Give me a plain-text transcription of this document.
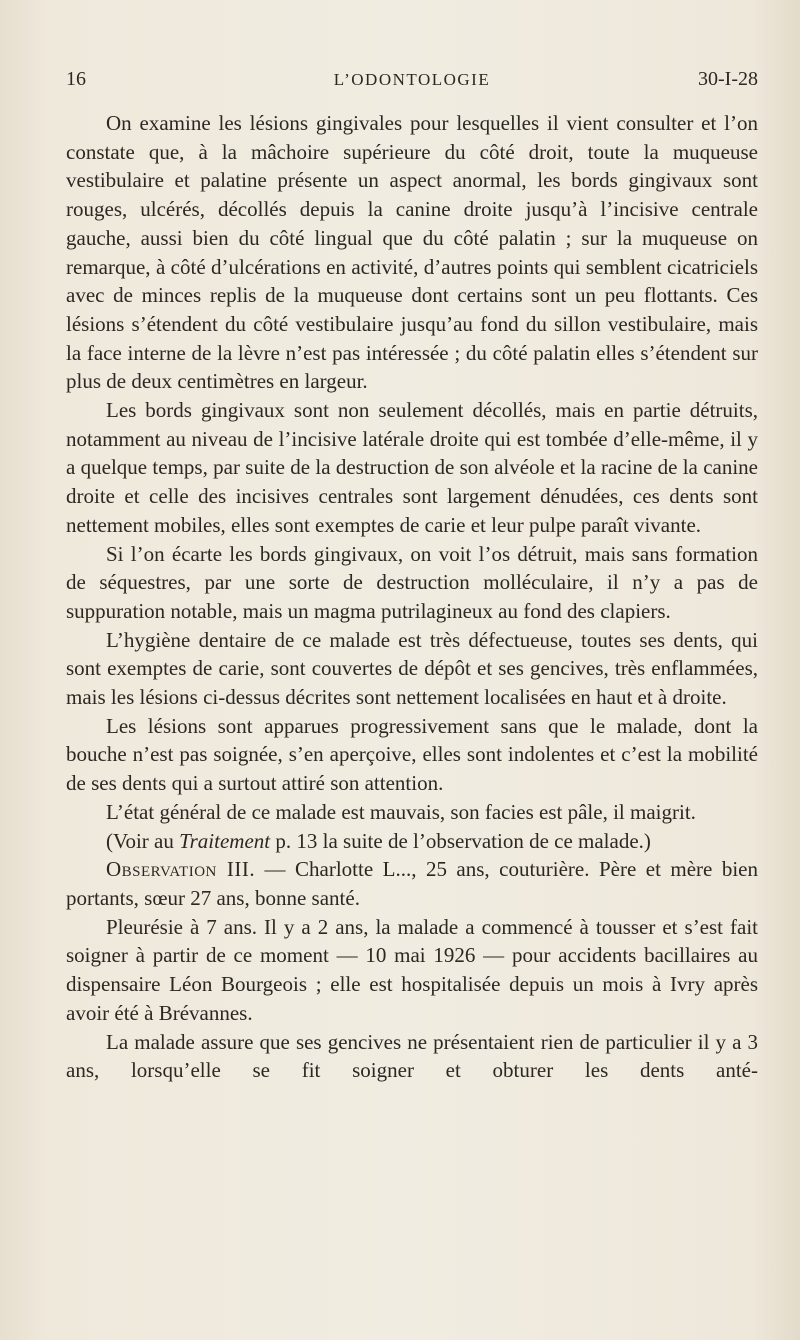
16	L’ODONTOLOGIE	30-I-28

On examine les lésions gingivales pour lesquelles il vient consulter et l’on constate que, à la mâchoire supérieure du côté droit, toute la muqueuse vestibulaire et palatine présente un aspect anormal, les bords gingivaux sont rouges, ulcérés, décollés depuis la canine droite jusqu’à l’incisive centrale gauche, aussi bien du côté lingual que du côté palatin ; sur la muqueuse on remarque, à côté d’ulcérations en activité, d’autres points qui semblent cicatriciels avec de minces replis de la muqueuse dont certains sont un peu flottants. Ces lésions s’étendent du côté vestibulaire jusqu’au fond du sillon vestibulaire, mais la face interne de la lèvre n’est pas intéressée ; du côté palatin elles s’étendent sur plus de deux centimètres en largeur.

Les bords gingivaux sont non seulement décollés, mais en partie détruits, notamment au niveau de l’incisive latérale droite qui est tombée d’elle-même, il y a quelque temps, par suite de la destruction de son alvéole et la racine de la canine droite et celle des incisives centrales sont largement dénudées, ces dents sont nettement mobiles, elles sont exemptes de carie et leur pulpe paraît vivante.

Si l’on écarte les bords gingivaux, on voit l’os détruit, mais sans formation de séquestres, par une sorte de destruction molléculaire, il n’y a pas de suppuration notable, mais un magma putrilagineux au fond des clapiers.

L’hygiène dentaire de ce malade est très défectueuse, toutes ses dents, qui sont exemptes de carie, sont couvertes de dépôt et ses gencives, très enflammées, mais les lésions ci-dessus décrites sont nettement localisées en haut et à droite.

Les lésions sont apparues progressivement sans que le malade, dont la bouche n’est pas soignée, s’en aperçoive, elles sont indolentes et c’est la mobilité de ses dents qui a surtout attiré son attention.

L’état général de ce malade est mauvais, son facies est pâle, il maigrit.

(Voir au Traitement p. 13 la suite de l’observation de ce malade.)

Observation III. — Charlotte L..., 25 ans, couturière. Père et mère bien portants, sœur 27 ans, bonne santé.

Pleurésie à 7 ans. Il y a 2 ans, la malade a commencé à tousser et s’est fait soigner à partir de ce moment — 10 mai 1926 — pour accidents bacillaires au dispensaire Léon Bourgeois ; elle est hospitalisée depuis un mois à Ivry après avoir été à Brévannes.

La malade assure que ses gencives ne présentaient rien de particulier il y a 3 ans, lorsqu’elle se fit soigner et obturer les dents anté-
